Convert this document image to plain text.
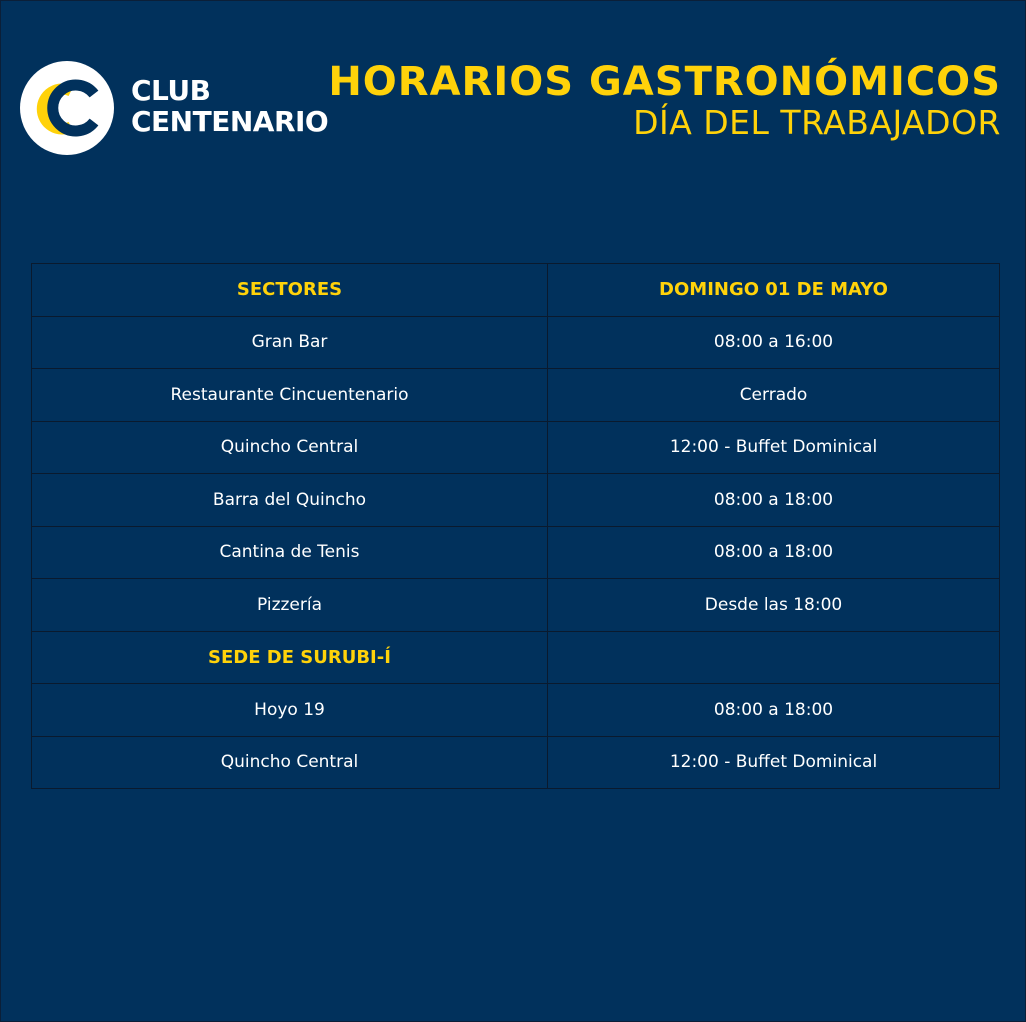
CLUB
CENTENARIO
HORARIOS GASTRONÓMICOS
DÍA DEL TRABAJADOR
SECTORES	DOMINGO 01 DE MAYO
Gran Bar	08:00 a 16:00
Restaurante Cincuentenario	Cerrado
Quincho Central	12:00 - Buffet Dominical
Barra del Quincho	08:00 a 18:00
Cantina de Tenis	08:00 a 18:00
Pizzería	Desde las 18:00
SEDE DE SURUBI-Í	
Hoyo 19	08:00 a 18:00
Quincho Central	12:00 - Buffet Dominical
